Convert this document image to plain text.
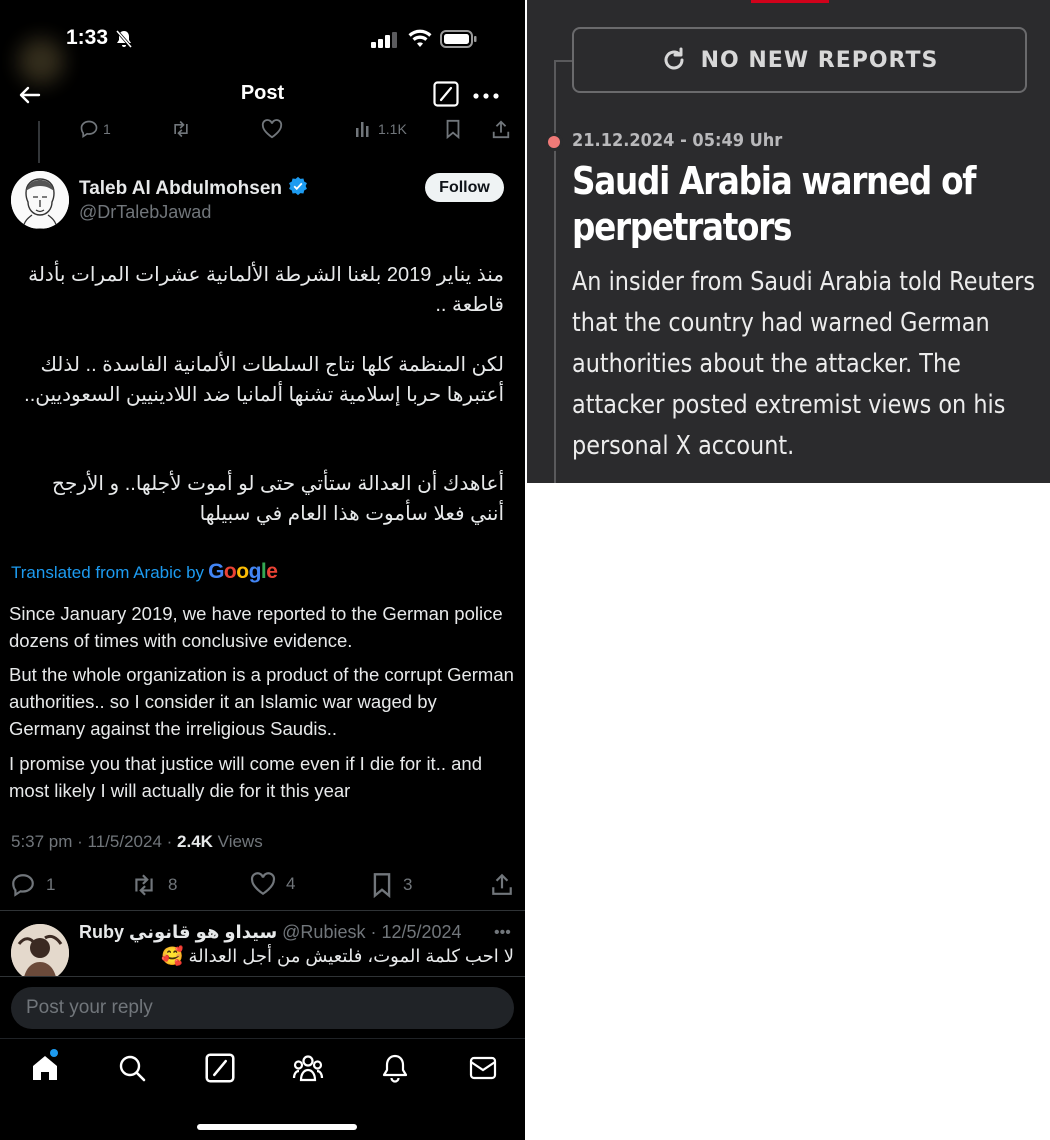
1:33
Post
1	1.1K
Taleb Al Abdulmohsen
@DrTalebJawad
Follow
منذ يناير 2019 بلغنا الشرطة الألمانية عشرات المرات بأدلة قاطعة ..
لكن المنظمة كلها نتاج السلطات الألمانية الفاسدة .. لذلك أعتبرها حربا إسلامية تشنها ألمانيا ضد اللادينيين السعوديين..
أعاهدك أن العدالة ستأتي حتى لو أموت لأجلها.. و الأرجح أنني فعلا سأموت هذا العام في سبيلها
Translated from Arabic by Google
Since January 2019, we have reported to the German police dozens of times with conclusive evidence.
But the whole organization is a product of the corrupt German authorities.. so I consider it an Islamic war waged by Germany against the irreligious Saudis..
I promise you that justice will come even if I die for it.. and most likely I will actually die for it this year
5:37 pm · 11/5/2024 · 2.4K Views
1	8	4	3
Ruby سيداو هو قانوني @Rubiesk · 12/5/2024 •••
لا احب كلمة الموت، فلتعيش من أجل العدالة 🥰
Post your reply
NO NEW REPORTS
21.12.2024 - 05:49 Uhr
Saudi Arabia warned of perpetrators
An insider from Saudi Arabia told Reuters that the country had warned German authorities about the attacker. The attacker posted extremist views on his personal X account.
